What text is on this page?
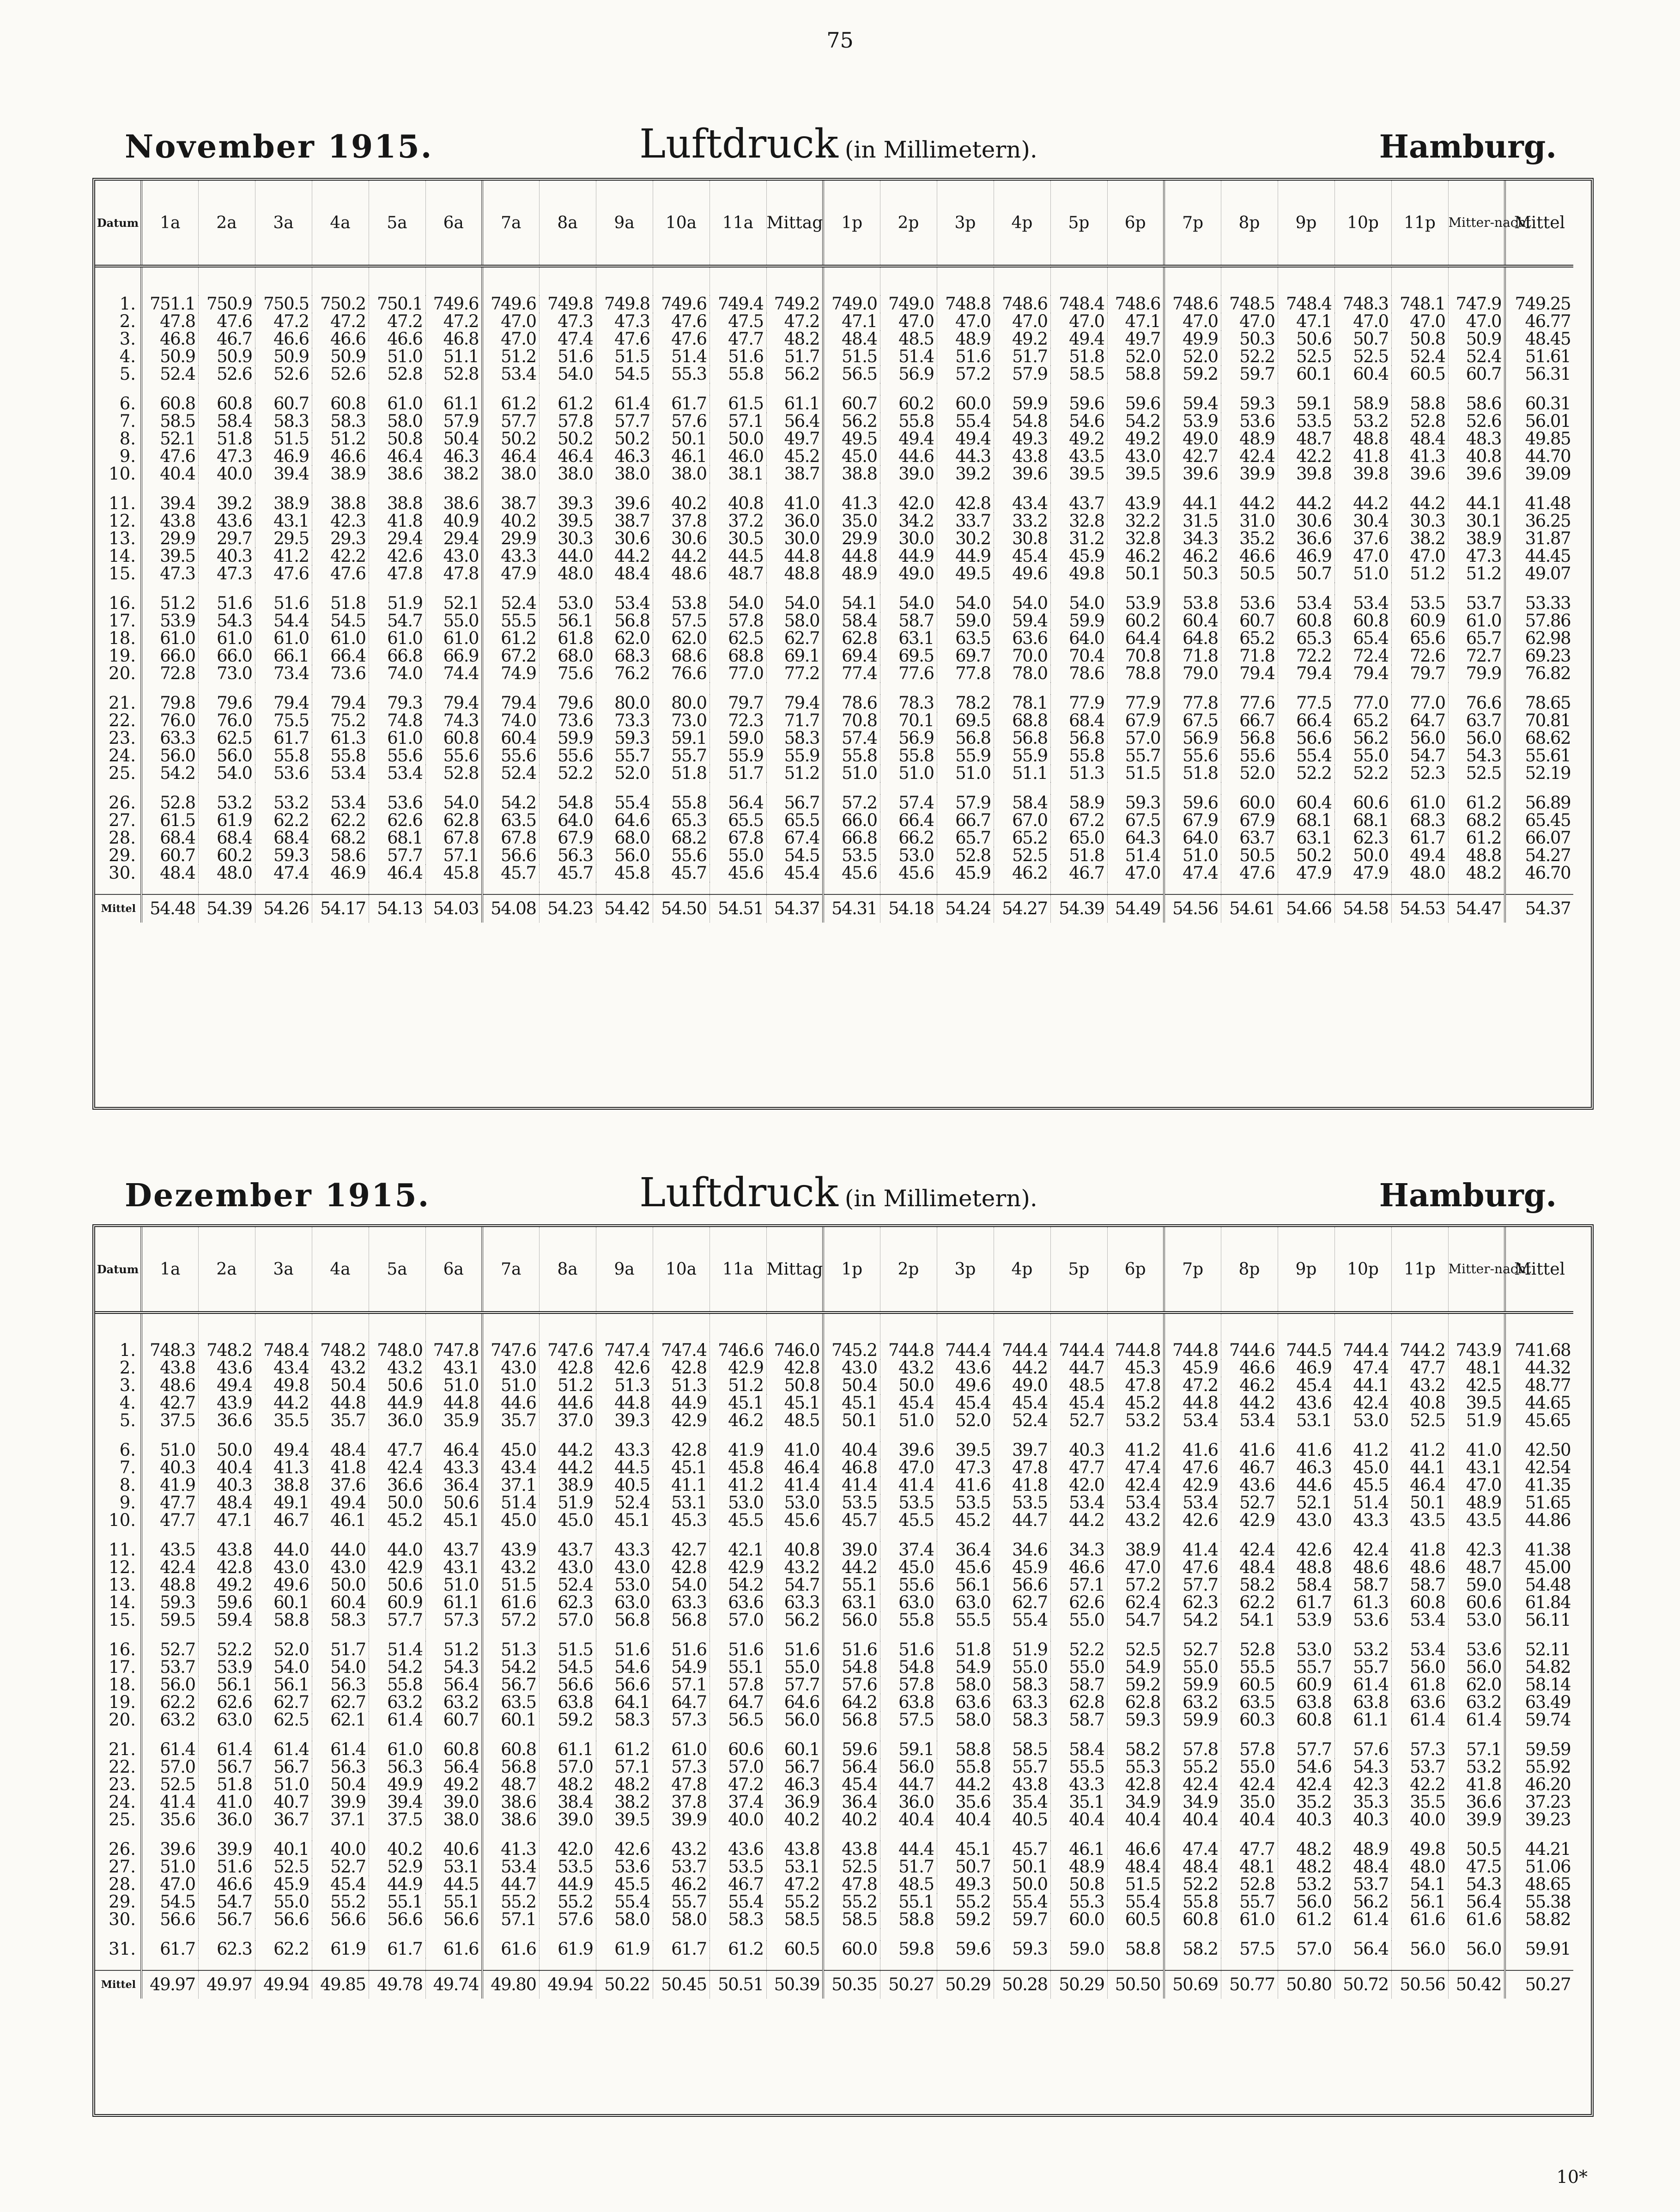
75
November 1915.	Luftdruck (in Millimetern).	Hamburg.
Datum	1a	2a	3a	4a	5a	6a	7a	8a	9a	10a	11a	Mittag	1p	2p	3p	4p	5p	6p	7p	8p	9p	10p	11p	Mitter-nacht	Mittel

1.	751.1	750.9	750.5	750.2	750.1	749.6	749.6	749.8	749.8	749.6	749.4	749.2	749.0	749.0	748.8	748.6	748.4	748.6	748.6	748.5	748.4	748.3	748.1	747.9	749.25
2.	47.8	47.6	47.2	47.2	47.2	47.2	47.0	47.3	47.3	47.6	47.5	47.2	47.1	47.0	47.0	47.0	47.0	47.1	47.0	47.0	47.1	47.0	47.0	47.0	46.77
3.	46.8	46.7	46.6	46.6	46.6	46.8	47.0	47.4	47.6	47.6	47.7	48.2	48.4	48.5	48.9	49.2	49.4	49.7	49.9	50.3	50.6	50.7	50.8	50.9	48.45
4.	50.9	50.9	50.9	50.9	51.0	51.1	51.2	51.6	51.5	51.4	51.6	51.7	51.5	51.4	51.6	51.7	51.8	52.0	52.0	52.2	52.5	52.5	52.4	52.4	51.61
5.	52.4	52.6	52.6	52.6	52.8	52.8	53.4	54.0	54.5	55.3	55.8	56.2	56.5	56.9	57.2	57.9	58.5	58.8	59.2	59.7	60.1	60.4	60.5	60.7	56.31

6.	60.8	60.8	60.7	60.8	61.0	61.1	61.2	61.2	61.4	61.7	61.5	61.1	60.7	60.2	60.0	59.9	59.6	59.6	59.4	59.3	59.1	58.9	58.8	58.6	60.31
7.	58.5	58.4	58.3	58.3	58.0	57.9	57.7	57.8	57.7	57.6	57.1	56.4	56.2	55.8	55.4	54.8	54.6	54.2	53.9	53.6	53.5	53.2	52.8	52.6	56.01
8.	52.1	51.8	51.5	51.2	50.8	50.4	50.2	50.2	50.2	50.1	50.0	49.7	49.5	49.4	49.4	49.3	49.2	49.2	49.0	48.9	48.7	48.8	48.4	48.3	49.85
9.	47.6	47.3	46.9	46.6	46.4	46.3	46.4	46.4	46.3	46.1	46.0	45.2	45.0	44.6	44.3	43.8	43.5	43.0	42.7	42.4	42.2	41.8	41.3	40.8	44.70
10.	40.4	40.0	39.4	38.9	38.6	38.2	38.0	38.0	38.0	38.0	38.1	38.7	38.8	39.0	39.2	39.6	39.5	39.5	39.6	39.9	39.8	39.8	39.6	39.6	39.09

11.	39.4	39.2	38.9	38.8	38.8	38.6	38.7	39.3	39.6	40.2	40.8	41.0	41.3	42.0	42.8	43.4	43.7	43.9	44.1	44.2	44.2	44.2	44.2	44.1	41.48
12.	43.8	43.6	43.1	42.3	41.8	40.9	40.2	39.5	38.7	37.8	37.2	36.0	35.0	34.2	33.7	33.2	32.8	32.2	31.5	31.0	30.6	30.4	30.3	30.1	36.25
13.	29.9	29.7	29.5	29.3	29.4	29.4	29.9	30.3	30.6	30.6	30.5	30.0	29.9	30.0	30.2	30.8	31.2	32.8	34.3	35.2	36.6	37.6	38.2	38.9	31.87
14.	39.5	40.3	41.2	42.2	42.6	43.0	43.3	44.0	44.2	44.2	44.5	44.8	44.8	44.9	44.9	45.4	45.9	46.2	46.2	46.6	46.9	47.0	47.0	47.3	44.45
15.	47.3	47.3	47.6	47.6	47.8	47.8	47.9	48.0	48.4	48.6	48.7	48.8	48.9	49.0	49.5	49.6	49.8	50.1	50.3	50.5	50.7	51.0	51.2	51.2	49.07

16.	51.2	51.6	51.6	51.8	51.9	52.1	52.4	53.0	53.4	53.8	54.0	54.0	54.1	54.0	54.0	54.0	54.0	53.9	53.8	53.6	53.4	53.4	53.5	53.7	53.33
17.	53.9	54.3	54.4	54.5	54.7	55.0	55.5	56.1	56.8	57.5	57.8	58.0	58.4	58.7	59.0	59.4	59.9	60.2	60.4	60.7	60.8	60.8	60.9	61.0	57.86
18.	61.0	61.0	61.0	61.0	61.0	61.0	61.2	61.8	62.0	62.0	62.5	62.7	62.8	63.1	63.5	63.6	64.0	64.4	64.8	65.2	65.3	65.4	65.6	65.7	62.98
19.	66.0	66.0	66.1	66.4	66.8	66.9	67.2	68.0	68.3	68.6	68.8	69.1	69.4	69.5	69.7	70.0	70.4	70.8	71.8	71.8	72.2	72.4	72.6	72.7	69.23
20.	72.8	73.0	73.4	73.6	74.0	74.4	74.9	75.6	76.2	76.6	77.0	77.2	77.4	77.6	77.8	78.0	78.6	78.8	79.0	79.4	79.4	79.4	79.7	79.9	76.82

21.	79.8	79.6	79.4	79.4	79.3	79.4	79.4	79.6	80.0	80.0	79.7	79.4	78.6	78.3	78.2	78.1	77.9	77.9	77.8	77.6	77.5	77.0	77.0	76.6	78.65
22.	76.0	76.0	75.5	75.2	74.8	74.3	74.0	73.6	73.3	73.0	72.3	71.7	70.8	70.1	69.5	68.8	68.4	67.9	67.5	66.7	66.4	65.2	64.7	63.7	70.81
23.	63.3	62.5	61.7	61.3	61.0	60.8	60.4	59.9	59.3	59.1	59.0	58.3	57.4	56.9	56.8	56.8	56.8	57.0	56.9	56.8	56.6	56.2	56.0	56.0	68.62
24.	56.0	56.0	55.8	55.8	55.6	55.6	55.6	55.6	55.7	55.7	55.9	55.9	55.8	55.8	55.9	55.9	55.8	55.7	55.6	55.6	55.4	55.0	54.7	54.3	55.61
25.	54.2	54.0	53.6	53.4	53.4	52.8	52.4	52.2	52.0	51.8	51.7	51.2	51.0	51.0	51.0	51.1	51.3	51.5	51.8	52.0	52.2	52.2	52.3	52.5	52.19

26.	52.8	53.2	53.2	53.4	53.6	54.0	54.2	54.8	55.4	55.8	56.4	56.7	57.2	57.4	57.9	58.4	58.9	59.3	59.6	60.0	60.4	60.6	61.0	61.2	56.89
27.	61.5	61.9	62.2	62.2	62.6	62.8	63.5	64.0	64.6	65.3	65.5	65.5	66.0	66.4	66.7	67.0	67.2	67.5	67.9	67.9	68.1	68.1	68.3	68.2	65.45
28.	68.4	68.4	68.4	68.2	68.1	67.8	67.8	67.9	68.0	68.2	67.8	67.4	66.8	66.2	65.7	65.2	65.0	64.3	64.0	63.7	63.1	62.3	61.7	61.2	66.07
29.	60.7	60.2	59.3	58.6	57.7	57.1	56.6	56.3	56.0	55.6	55.0	54.5	53.5	53.0	52.8	52.5	51.8	51.4	51.0	50.5	50.2	50.0	49.4	48.8	54.27
30.	48.4	48.0	47.4	46.9	46.4	45.8	45.7	45.7	45.8	45.7	45.6	45.4	45.6	45.6	45.9	46.2	46.7	47.0	47.4	47.6	47.9	47.9	48.0	48.2	46.70

Mittel	54.48	54.39	54.26	54.17	54.13	54.03	54.08	54.23	54.42	54.50	54.51	54.37	54.31	54.18	54.24	54.27	54.39	54.49	54.56	54.61	54.66	54.58	54.53	54.47	54.37
Dezember 1915.	Luftdruck (in Millimetern).	Hamburg.
Datum	1a	2a	3a	4a	5a	6a	7a	8a	9a	10a	11a	Mittag	1p	2p	3p	4p	5p	6p	7p	8p	9p	10p	11p	Mitter-nacht	Mittel

1.	748.3	748.2	748.4	748.2	748.0	747.8	747.6	747.6	747.4	747.4	746.6	746.0	745.2	744.8	744.4	744.4	744.4	744.8	744.8	744.6	744.5	744.4	744.2	743.9	741.68
2.	43.8	43.6	43.4	43.2	43.2	43.1	43.0	42.8	42.6	42.8	42.9	42.8	43.0	43.2	43.6	44.2	44.7	45.3	45.9	46.6	46.9	47.4	47.7	48.1	44.32
3.	48.6	49.4	49.8	50.4	50.6	51.0	51.0	51.2	51.3	51.3	51.2	50.8	50.4	50.0	49.6	49.0	48.5	47.8	47.2	46.2	45.4	44.1	43.2	42.5	48.77
4.	42.7	43.9	44.2	44.8	44.9	44.8	44.6	44.6	44.8	44.9	45.1	45.1	45.1	45.4	45.4	45.4	45.4	45.2	44.8	44.2	43.6	42.4	40.8	39.5	44.65
5.	37.5	36.6	35.5	35.7	36.0	35.9	35.7	37.0	39.3	42.9	46.2	48.5	50.1	51.0	52.0	52.4	52.7	53.2	53.4	53.4	53.1	53.0	52.5	51.9	45.65

6.	51.0	50.0	49.4	48.4	47.7	46.4	45.0	44.2	43.3	42.8	41.9	41.0	40.4	39.6	39.5	39.7	40.3	41.2	41.6	41.6	41.6	41.2	41.2	41.0	42.50
7.	40.3	40.4	41.3	41.8	42.4	43.3	43.4	44.2	44.5	45.1	45.8	46.4	46.8	47.0	47.3	47.8	47.7	47.4	47.6	46.7	46.3	45.0	44.1	43.1	42.54
8.	41.9	40.3	38.8	37.6	36.6	36.4	37.1	38.9	40.5	41.1	41.2	41.4	41.4	41.4	41.6	41.8	42.0	42.4	42.9	43.6	44.6	45.5	46.4	47.0	41.35
9.	47.7	48.4	49.1	49.4	50.0	50.6	51.4	51.9	52.4	53.1	53.0	53.0	53.5	53.5	53.5	53.5	53.4	53.4	53.4	52.7	52.1	51.4	50.1	48.9	51.65
10.	47.7	47.1	46.7	46.1	45.2	45.1	45.0	45.0	45.1	45.3	45.5	45.6	45.7	45.5	45.2	44.7	44.2	43.2	42.6	42.9	43.0	43.3	43.5	43.5	44.86

11.	43.5	43.8	44.0	44.0	44.0	43.7	43.9	43.7	43.3	42.7	42.1	40.8	39.0	37.4	36.4	34.6	34.3	38.9	41.4	42.4	42.6	42.4	41.8	42.3	41.38
12.	42.4	42.8	43.0	43.0	42.9	43.1	43.2	43.0	43.0	42.8	42.9	43.2	44.2	45.0	45.6	45.9	46.6	47.0	47.6	48.4	48.8	48.6	48.6	48.7	45.00
13.	48.8	49.2	49.6	50.0	50.6	51.0	51.5	52.4	53.0	54.0	54.2	54.7	55.1	55.6	56.1	56.6	57.1	57.2	57.7	58.2	58.4	58.7	58.7	59.0	54.48
14.	59.3	59.6	60.1	60.4	60.9	61.1	61.6	62.3	63.0	63.3	63.6	63.3	63.1	63.0	63.0	62.7	62.6	62.4	62.3	62.2	61.7	61.3	60.8	60.6	61.84
15.	59.5	59.4	58.8	58.3	57.7	57.3	57.2	57.0	56.8	56.8	57.0	56.2	56.0	55.8	55.5	55.4	55.0	54.7	54.2	54.1	53.9	53.6	53.4	53.0	56.11

16.	52.7	52.2	52.0	51.7	51.4	51.2	51.3	51.5	51.6	51.6	51.6	51.6	51.6	51.6	51.8	51.9	52.2	52.5	52.7	52.8	53.0	53.2	53.4	53.6	52.11
17.	53.7	53.9	54.0	54.0	54.2	54.3	54.2	54.5	54.6	54.9	55.1	55.0	54.8	54.8	54.9	55.0	55.0	54.9	55.0	55.5	55.7	55.7	56.0	56.0	54.82
18.	56.0	56.1	56.1	56.3	55.8	56.4	56.7	56.6	56.6	57.1	57.8	57.7	57.6	57.8	58.0	58.3	58.7	59.2	59.9	60.5	60.9	61.4	61.8	62.0	58.14
19.	62.2	62.6	62.7	62.7	63.2	63.2	63.5	63.8	64.1	64.7	64.7	64.6	64.2	63.8	63.6	63.3	62.8	62.8	63.2	63.5	63.8	63.8	63.6	63.2	63.49
20.	63.2	63.0	62.5	62.1	61.4	60.7	60.1	59.2	58.3	57.3	56.5	56.0	56.8	57.5	58.0	58.3	58.7	59.3	59.9	60.3	60.8	61.1	61.4	61.4	59.74

21.	61.4	61.4	61.4	61.4	61.0	60.8	60.8	61.1	61.2	61.0	60.6	60.1	59.6	59.1	58.8	58.5	58.4	58.2	57.8	57.8	57.7	57.6	57.3	57.1	59.59
22.	57.0	56.7	56.7	56.3	56.3	56.4	56.8	57.0	57.1	57.3	57.0	56.7	56.4	56.0	55.8	55.7	55.5	55.3	55.2	55.0	54.6	54.3	53.7	53.2	55.92
23.	52.5	51.8	51.0	50.4	49.9	49.2	48.7	48.2	48.2	47.8	47.2	46.3	45.4	44.7	44.2	43.8	43.3	42.8	42.4	42.4	42.4	42.3	42.2	41.8	46.20
24.	41.4	41.0	40.7	39.9	39.4	39.0	38.6	38.4	38.2	37.8	37.4	36.9	36.4	36.0	35.6	35.4	35.1	34.9	34.9	35.0	35.2	35.3	35.5	36.6	37.23
25.	35.6	36.0	36.7	37.1	37.5	38.0	38.6	39.0	39.5	39.9	40.0	40.2	40.2	40.4	40.4	40.5	40.4	40.4	40.4	40.4	40.3	40.3	40.0	39.9	39.23

26.	39.6	39.9	40.1	40.0	40.2	40.6	41.3	42.0	42.6	43.2	43.6	43.8	43.8	44.4	45.1	45.7	46.1	46.6	47.4	47.7	48.2	48.9	49.8	50.5	44.21
27.	51.0	51.6	52.5	52.7	52.9	53.1	53.4	53.5	53.6	53.7	53.5	53.1	52.5	51.7	50.7	50.1	48.9	48.4	48.4	48.1	48.2	48.4	48.0	47.5	51.06
28.	47.0	46.6	45.9	45.4	44.9	44.5	44.7	44.9	45.5	46.2	46.7	47.2	47.8	48.5	49.3	50.0	50.8	51.5	52.2	52.8	53.2	53.7	54.1	54.3	48.65
29.	54.5	54.7	55.0	55.2	55.1	55.1	55.2	55.2	55.4	55.7	55.4	55.2	55.2	55.1	55.2	55.4	55.3	55.4	55.8	55.7	56.0	56.2	56.1	56.4	55.38
30.	56.6	56.7	56.6	56.6	56.6	56.6	57.1	57.6	58.0	58.0	58.3	58.5	58.5	58.8	59.2	59.7	60.0	60.5	60.8	61.0	61.2	61.4	61.6	61.6	58.82

31.	61.7	62.3	62.2	61.9	61.7	61.6	61.6	61.9	61.9	61.7	61.2	60.5	60.0	59.8	59.6	59.3	59.0	58.8	58.2	57.5	57.0	56.4	56.0	56.0	59.91

Mittel	49.97	49.97	49.94	49.85	49.78	49.74	49.80	49.94	50.22	50.45	50.51	50.39	50.35	50.27	50.29	50.28	50.29	50.50	50.69	50.77	50.80	50.72	50.56	50.42	50.27
10*
